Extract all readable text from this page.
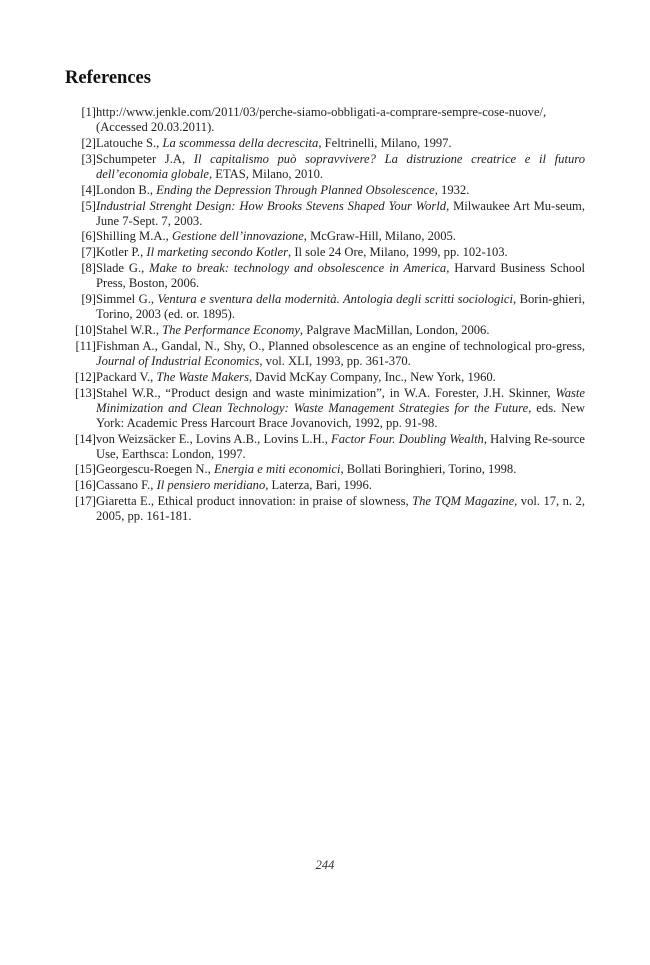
References
[1] http://www.jenkle.com/2011/03/perche-siamo-obbligati-a-comprare-sempre-cose-nuove/, (Accessed 20.03.2011).
[2] Latouche S., La scommessa della decrescita, Feltrinelli, Milano, 1997.
[3] Schumpeter J.A, Il capitalismo può sopravvivere? La distruzione creatrice e il futuro dell’economia globale, ETAS, Milano, 2010.
[4] London B., Ending the Depression Through Planned Obsolescence, 1932.
[5] Industrial Strenght Design: How Brooks Stevens Shaped Your World, Milwaukee Art Mu-seum, June 7-Sept. 7, 2003.
[6] Shilling M.A., Gestione dell’innovazione, McGraw-Hill, Milano, 2005.
[7] Kotler P., Il marketing secondo Kotler, Il sole 24 Ore, Milano, 1999, pp. 102-103.
[8] Slade G., Make to break: technology and obsolescence in America, Harvard Business School Press, Boston, 2006.
[9] Simmel G., Ventura e sventura della modernità. Antologia degli scritti sociologici, Borin-ghieri, Torino, 2003 (ed. or. 1895).
[10] Stahel W.R., The Performance Economy, Palgrave MacMillan, London, 2006.
[11] Fishman A., Gandal, N., Shy, O., Planned obsolescence as an engine of technological pro-gress, Journal of Industrial Economics, vol. XLI, 1993, pp. 361-370.
[12] Packard V., The Waste Makers, David McKay Company, Inc., New York, 1960.
[13] Stahel W.R., “Product design and waste minimization”, in W.A. Forester, J.H. Skinner, Waste Minimization and Clean Technology: Waste Management Strategies for the Future, eds. New York: Academic Press Harcourt Brace Jovanovich, 1992, pp. 91-98.
[14] von Weizsäcker E., Lovins A.B., Lovins L.H., Factor Four. Doubling Wealth, Halving Re-source Use, Earthsca: London, 1997.
[15] Georgescu-Roegen N., Energia e miti economici, Bollati Boringhieri, Torino, 1998.
[16] Cassano F., Il pensiero meridiano, Laterza, Bari, 1996.
[17] Giaretta E., Ethical product innovation: in praise of slowness, The TQM Magazine, vol. 17, n. 2, 2005, pp. 161-181.
244
